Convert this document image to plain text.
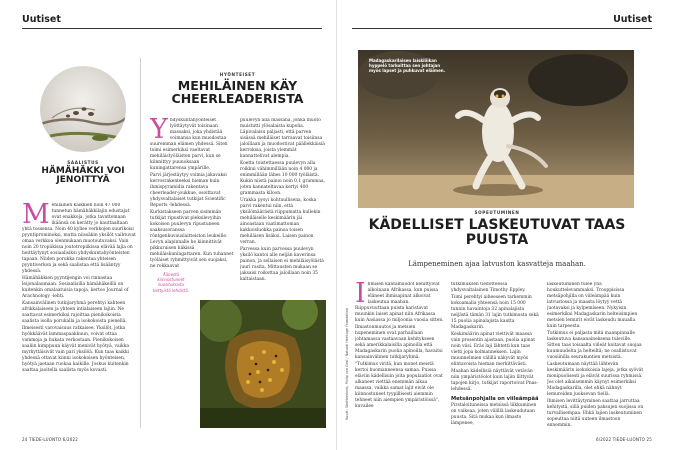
Uutiset
SAALISTUS
HÄMÄHÄKKI VOI JENOITTYÄ
M ehiläinen kaikkien noin 47 000 tunnetun hämähäkkilajin edustajat ovat enakkoja, jotka tavattomaan ikäänsä on kerätty jo kauttaaltaan yhtä tossensa. Noin 40 kyllee verkkojen suurikoisi pyyntiprominoksi, mutta niissäkin yksilöt vaihtuvat omaa verkkoa olenmukaan muotoutuvaksi. Vain noin 20 tropiikissa joutotropiikissa elävää lajia on heittäytynyt sosiaalisiksi yhdyskuntahyönteisten tapaan. Niiden porukka rakentaa yhteisen pyyntiverkon ja sekä saalistaa että lisääntyy yhdessä.

Hämähäkkien pyyntijengin voi rinnastaa leijonalaumaan. Sosiaalisilla hämähäkeillä on kuitenkin omalaatuisia tapoja, kertoo Journal of Arachnology -lehti.

Kansainvälinen tutkijaryhmä perehtyi kahteen afrikkalaiseen ja yhteen intialaiseen lajiin. Ne saattavat esimerkiksi rajoittaa pienikokoista saalista isolla porukalla ja isokokoista pienellä.

Ilmeisesti varovaisuus ratkaisee. Yksilöt, jotka hyökkäävät lammaspaakkuun, voivat ottaa vammoja ja hukata verkostaan. Pienikokoisen saaliin kimppuun käyvät menivät hyötyä, vaikka myrkyttäisivät vain pari yksilöä. Kun taas kaikki yhdessä ottavat kiinni isokokoisen hyönteisen, hyötyä jaetaan ruokaa kaikille. Joskus kuitenkin saattaa jaoitella saalista myös kovasti.

HYÖNTEISET
MEHILÄINEN KÄY CHEERLEADERISTA
Y hdyskuntahyönteiset lyöttäytyvät toisinaan massaksi, joka yhdistää voimansa kun muodostaa suuremman elämen yhdessä. Siten toimi esimerkiksi vaeltavat mehiläistyöläisten parvi, kun se kiinnittyy puunoksaan kuningattarensa ympärille.

Parvi järjestäytyy voimia jakavaksi kerrosrakenteeksi hieman kuin ihmispyramidia rakentava cheerleader-joukkue, osoittavat yhdysvaltalaiset tutkijat Scientific Reports -lehdessä.

Kurkistakseen parven sisimmän tutkijat ripustivat pleksilevyihin kokoisen puulevyn ripustuneen saaksusoranssa röntgenkuvauslaitteiston leukeille. Levyn alapinnalle he kiinnittivät pikkuruisen häkissä mehiläiskuningattaren. Kun tuhannet työläiset ryhmittyivät sen suojaksi, ne rokkaavat

puulevyn alla massana, jonka muoto muistutti ylösalaista kupolia. Läpivalaisu paljasti, että parven sisässä mehiläiset tarraavat toisiinsa jaloillaan ja muodostivat päällekkäisiä kerroksia, joista ylemmät kannattelivat alempia.

Koetta toistettaessa puulevyn alla roikkui vähimmillään noin 4 000 ja enimmillään lähes 10 000 työläistä. Kukin niistä painoi noin 0,1 grammaa, joten kannateltavaa kertyi 400 grammasta kiloon.

Urakka pysyi kohtuullisena, koska parvi rakentui niin, että yksilömäärästä riippumatta kullekin mehiläiselle keskimäärin jäi ainoastaan vaatimattoman kakkoisluokka painoa toisen mehiläisen lisäksi. Laisen painon verran.

Parvessa kuin parvessa puulevyn yksilö kantoi alle neljän kaverinsa painon, ja sellaisen ei mehiläisyölästä juuri rasita. Mittausten mukaan se jaksaisi roikottaa jaloillaan noin 35 kaltaistaan.

Äänestä kiinnostuneet suosituksista tiettyistä lehdistä.
24 TIEDE-LUONTO 6/2022
Uutiset
Madagaskarilaisen laiskiliikan hyppelö tarkoittaa sen johtajan myös lapset ja puhkuvat eläimen.
SOPEUTUMINEN
KÄDELLISET LASKEUTUVAT TAAS PUUSTA
Lämpeneminen ajaa latvuston kasvatteja maahan.
Kuvat: Shutterstock, Philip von Graf / Natural Heritage Foundation
I hmisen kantamuodot kehittyivät alkoinaan Afrikassa, kun puissa eläneet ihmisapinat alkoivat laskeutua maahan. Riippuvuuttaan puista karistavat muunkin laiset apinat niin Afrikassa kuin Aasiassa jo miljoonia vuosia sitten.

Ilmastonmuutos ja metsien hupeneminen ovat parhaillaan johtamassa vastaavaan kehitykseen sekä amerikkalaisilla apinoilla että Madagaskarin puolia apinoilla, havaitsi kansainvälinen tutkijaryhmä.

"Tutkimus viritä, kun monet meistä kertoi huomanneensa samaa. Puissa eläviin kädellisiin joita populaatiot ovat alkaneet viettää enemmän aikaa maassa, vaikka samat lajit eivät ole kiinnostuneet tyypillisesti aiemmin tehneet niin aiempien ympäristöissä", kuvailee

tutkimuksen tiedotteessa yhdysvaltalainen Timothy Eppley.

Tiimi perehtyi aiheeseen tarkemmin kokoamalla yhteensä noin 15 000 tunnin havaintoja 32 apinalajista neljästä tämän 31 lajin tutkimusta sekä 15 puolia apinalajista kautta Madagaskarin.

Keskimäärin apinat viettivät maassa vain prosentin ajastaan, puolia apinat noin viisi. Eräs laji lähtetti kun taas vietti jopa kolmanneksen. Lajin muunnelmien välillä näkyvät myös elintavoista hieman merkittävästi.

Maahan kädellisiä näyttävät vetävän niin ympäristöolot kuin lajiin liittyvät tapojen kirjo, tutkijat raportoivat Pnas-lehdessä.

Metsänpohjalla on viileämpää

Pirstaloituneissa metsissä liikkuminen on vaikeaa, joten välillä laskeudutaan puusta. Sitä mukaa kun ilmasto lämpenee,

laskeutuminen tulee yhä houkuttelevammaksi. Trooppisissa metsäpohjilla on viileämpää kuin latvustossa ja maasta löytyy vettä juotavaksi ja kylpemiseen. Nykyisin esimerkiksi Madagaskarin helteisimpien metsien lemurit eivät laskeudu muualla kuin tarpeesta.

Tutkimus ei paljasta mitä maanpinnalle laskeutuva kansanaineksena tuleville. Sitten taas toisaalta viileät koitavat suojaa kuumuudelta ja helteiltä; ne osallistuvat vuosiinilla seurakuntien metsistä.

Laskeutumaan näyttää lähtevän keskimäärin isokokoisia lajeja, jotka syövät monipuolisesti ja elävät suurissa ryhmissä. Jos olet aikaisemmin käynyt esimerkiksi Madagaskarilla, olet ehkä nähnyt lemureiden juoksevan tiellä.

Ihmisen levittäytyminen saattaa jarruttaa kehitystä, sillä puiden paksujen suojissa on turvallisempaa. Ehkä lajien laskeutuminen sopeuttaa niitä uuteen ilmastoon ennemmin.

6/2022 TIEDE-LUONTO 25
